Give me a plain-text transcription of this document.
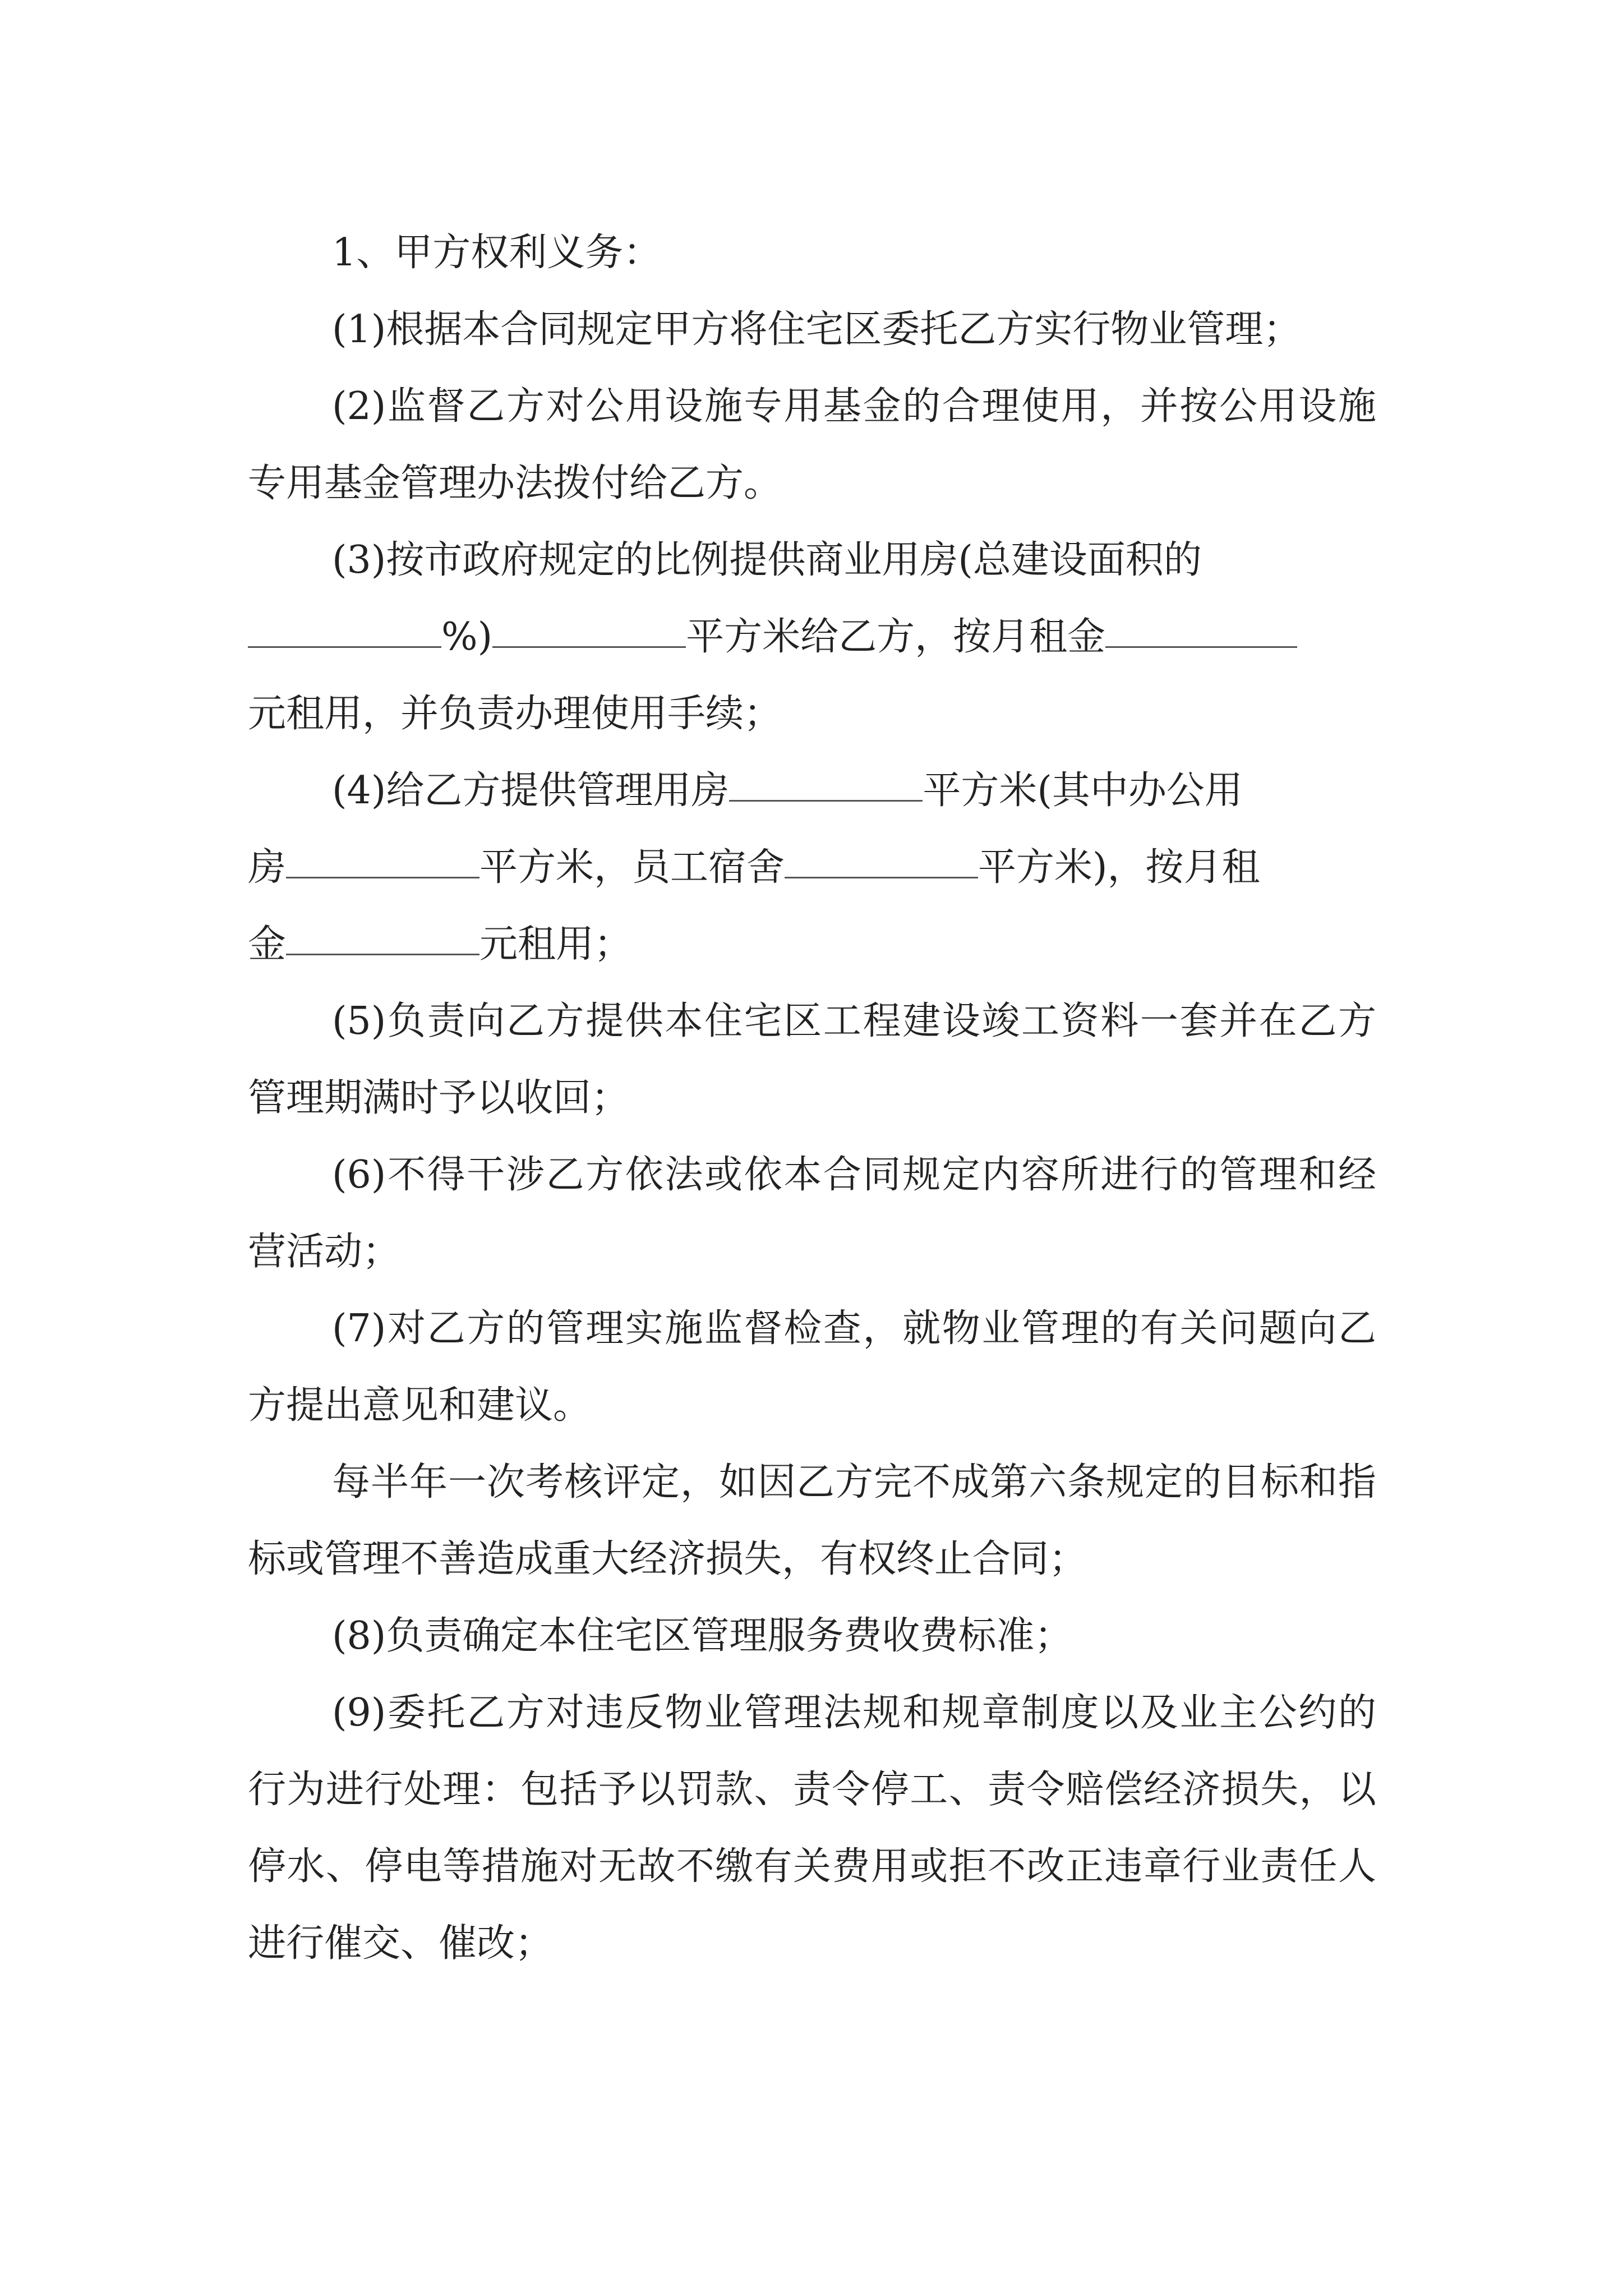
1、甲方权利义务：

(1)根据本合同规定甲方将住宅区委托乙方实行物业管理；

(2)监督乙方对公用设施专用基金的合理使用，并按公用设施专用基金管理办法拨付给乙方。

(3)按市政府规定的比例提供商业用房(总建设面积的
%)	平方米给乙方，按月租金
元租用，并负责办理使用手续；

(4)给乙方提供管理用房	平方米(其中办公用
房	平方米，员工宿舍	平方米)，按月租
金	元租用；

(5)负责向乙方提供本住宅区工程建设竣工资料一套并在乙方管理期满时予以收回；

(6)不得干涉乙方依法或依本合同规定内容所进行的管理和经营活动；

(7)对乙方的管理实施监督检查，就物业管理的有关问题向乙方提出意见和建议。

每半年一次考核评定，如因乙方完不成第六条规定的目标和指标或管理不善造成重大经济损失，有权终止合同；

(8)负责确定本住宅区管理服务费收费标准；

(9)委托乙方对违反物业管理法规和规章制度以及业主公约的行为进行处理：包括予以罚款、责令停工、责令赔偿经济损失，以停水、停电等措施对无故不缴有关费用或拒不改正违章行业责任人进行催交、催改；
